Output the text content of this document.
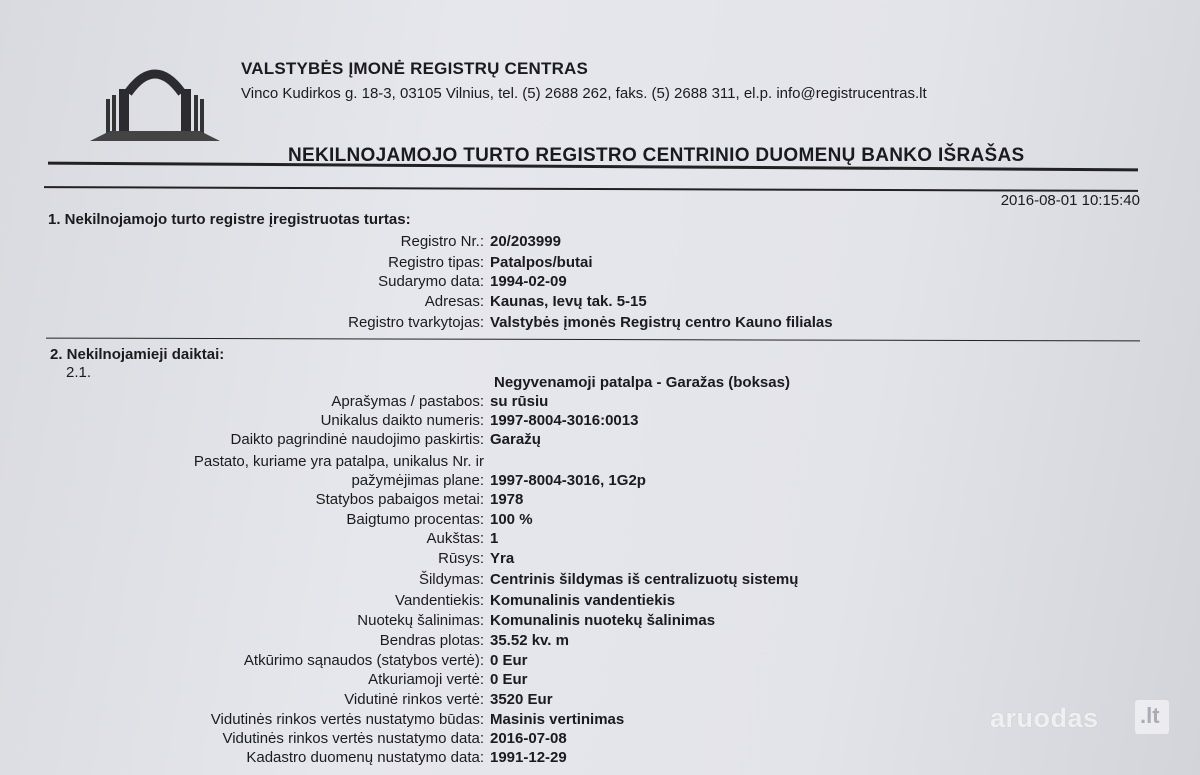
VALSTYBĖS ĮMONĖ REGISTRŲ CENTRAS
Vinco Kudirkos g. 18-3, 03105 Vilnius, tel. (5) 2688 262, faks. (5) 2688 311, el.p. info@registrucentras.lt
NEKILNOJAMOJO TURTO REGISTRO CENTRINIO DUOMENŲ BANKO IŠRAŠAS
2016-08-01 10:15:40
1. Nekilnojamojo turto registre įregistruotas turtas:
Registro Nr.: 20/203999
Registro tipas: Patalpos/butai
Sudarymo data: 1994-02-09
Adresas: Kaunas, Ievų tak. 5-15
Registro tvarkytojas: Valstybės įmonės Registrų centro Kauno filialas
2. Nekilnojamieji daiktai:
2.1.
Negyvenamoji patalpa - Garažas (boksas)
Pastato, kuriame yra patalpa, unikalus Nr. ir
Aprašymas / pastabos: su rūsiu
Unikalus daikto numeris: 1997-8004-3016:0013
Daikto pagrindinė naudojimo paskirtis: Garažų
pažymėjimas plane: 1997-8004-3016, 1G2p
Statybos pabaigos metai: 1978
Baigtumo procentas: 100 %
Aukštas: 1
Rūsys: Yra
Šildymas: Centrinis šildymas iš centralizuotų sistemų
Vandentiekis: Komunalinis vandentiekis
Nuotekų šalinimas: Komunalinis nuotekų šalinimas
Bendras plotas: 35.52 kv. m
Atkūrimo sąnaudos (statybos vertė): 0 Eur
Atkuriamoji vertė: 0 Eur
Vidutinė rinkos vertė: 3520 Eur
Vidutinės rinkos vertės nustatymo būdas: Masinis vertinimas
Vidutinės rinkos vertės nustatymo data: 2016-07-08
Kadastro duomenų nustatymo data: 1991-12-29
aruodas .lt
